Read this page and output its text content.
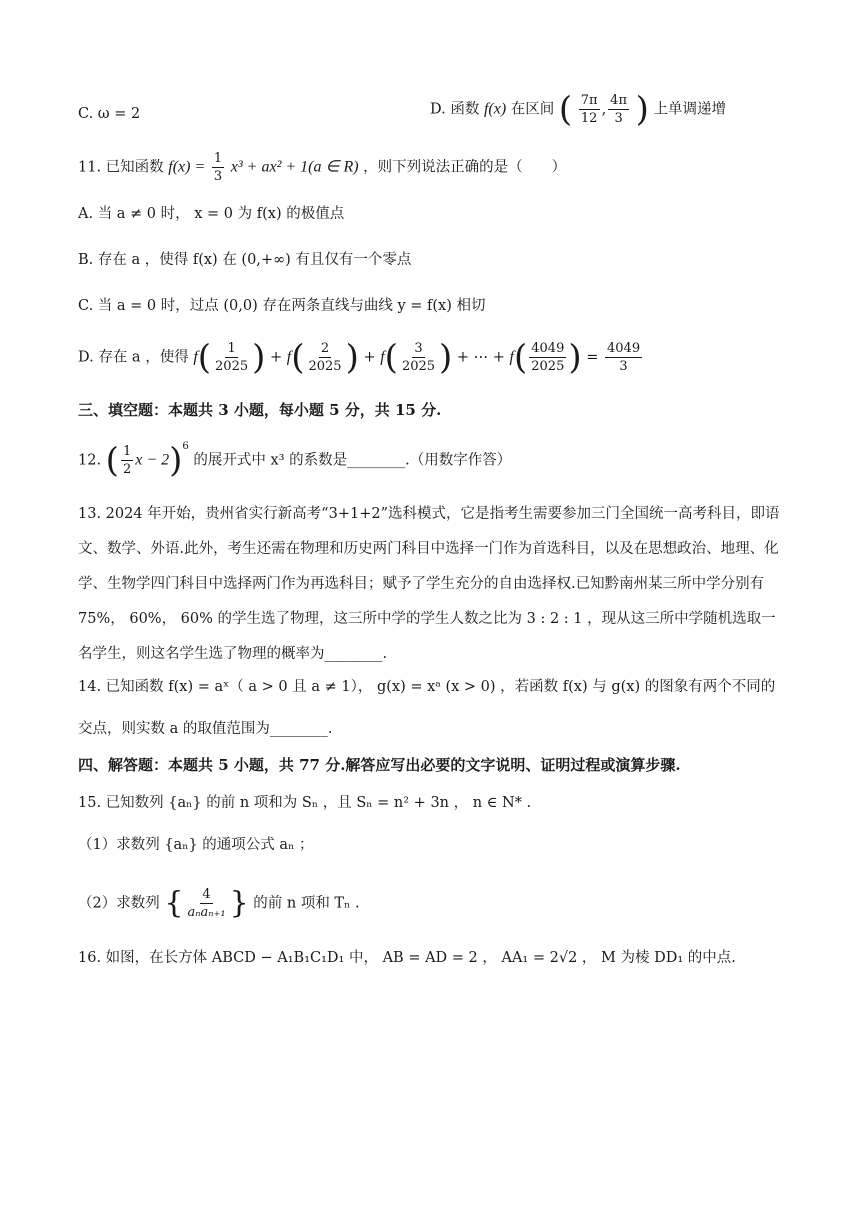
C. ω = 2	D. 函数 f(x) 在区间 ( $\frac{7\pi}{12}$ , $\frac{4\pi}{3}$ ) 上单调递增
11. 已知函数 $f(x) = \frac{1}{3} x^3 + ax^2 + 1(a$ ∈ R) ，则下列说法正确的是（　　）
A. 当 a ≠ 0 时， x = 0 为 f(x) 的极值点
B. 存在 a ，使得 f(x) 在 (0,+∞) 有且仅有一个零点
C. 当 a = 0 时，过点 (0,0) 存在两条直线与曲线 y = f(x) 相切
D. 存在 a ，使得 $f( \frac{1}{2025}$ ) + $f( \frac{2}{2025}$ ) + $f( \frac{3}{2025}$ ) + ⋯ + $f( \frac{4049}{2025}$ ) = $\frac{4049}{3}$
三、填空题：本题共 3 小题，每小题 5 分，共 15 分.
12. ( $\frac{1}{2}$ x − 2)$^6$ 的展开式中 x³ 的系数是________.（用数字作答）
13. 2024 年开始，贵州省实行新高考“3+1+2”选科模式，它是指考生需要参加三门全国统一高考科目，即语文、数学、外语.此外，考生还需在物理和历史两门科目中选择一门作为首选科目，以及在思想政治、地理、化学、生物学四门科目中选择两门作为再选科目；赋予了学生充分的自由选择权.已知黔南州某三所中学分别有 75%， 60%， 60% 的学生选了物理，这三所中学的学生人数之比为 3 : 2 : 1 ，现从这三所中学随机选取一名学生，则这名学生选了物理的概率为________.
14. 已知函数 f(x) = aˣ（ a > 0 且 a ≠ 1）， g(x) = xᵃ (x > 0) ，若函数 f(x) 与 g(x) 的图象有两个不同的
交点，则实数 a 的取值范围为________.
四、解答题：本题共 5 小题，共 77 分.解答应写出必要的文字说明、证明过程或演算步骤.
15. 已知数列 {aₙ} 的前 n 项和为 Sₙ ，且 Sₙ = n² + 3n ， n ∈ N* .
（1）求数列 {aₙ} 的通项公式 aₙ ；
（2）求数列 { $\frac{4}{\text{aₙaₙ₊₁}}$ } 的前 n 项和 Tₙ .
16. 如图，在长方体 ABCD − A₁B₁C₁D₁ 中， AB = AD = 2 ， AA₁ = 2√2 ， M 为棱 DD₁ 的中点.
